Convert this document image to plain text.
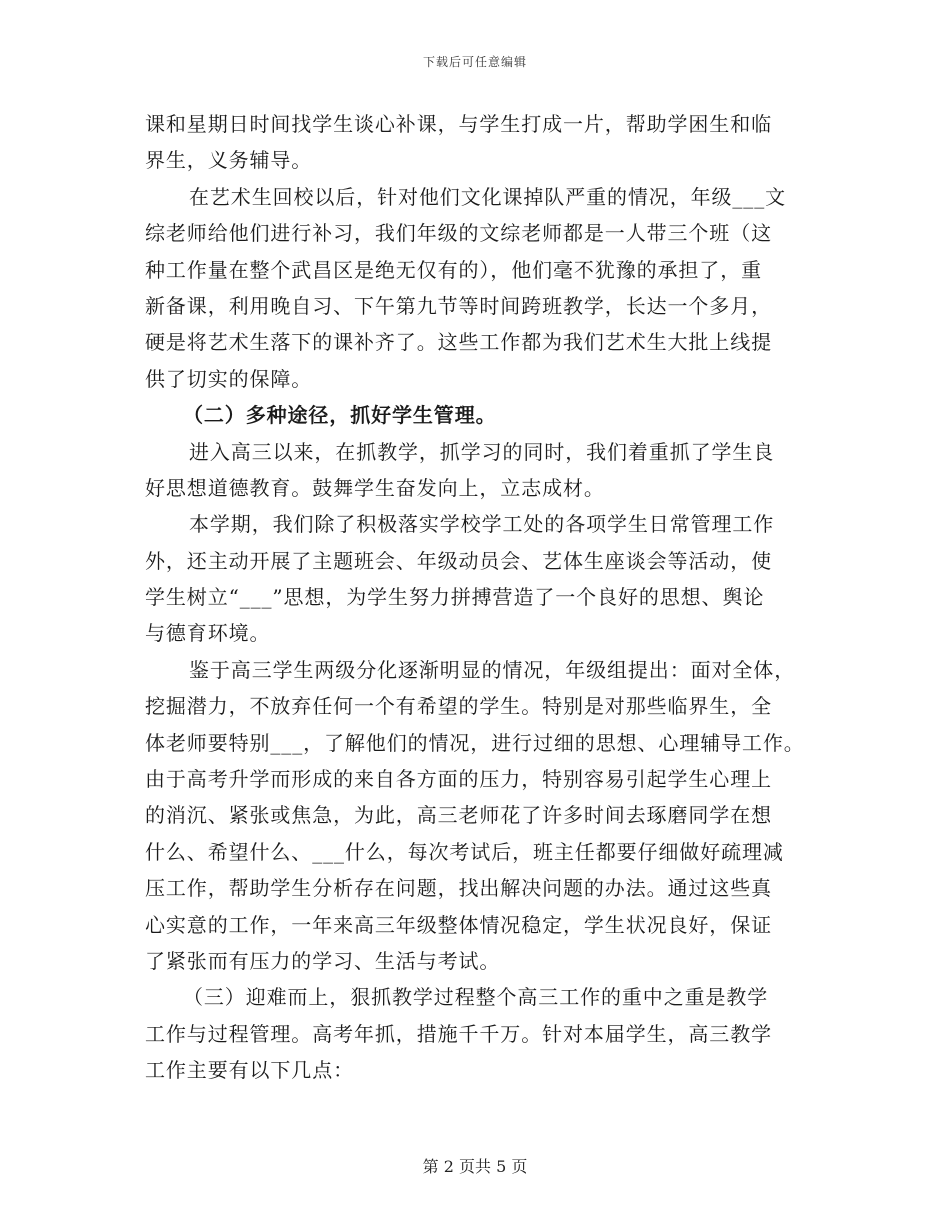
下载后可任意编辑
课和星期日时间找学生谈心补课，与学生打成一片，帮助学困生和临
界生，义务辅导。
在艺术生回校以后，针对他们文化课掉队严重的情况，年级___文
综老师给他们进行补习，我们年级的文综老师都是一人带三个班（这
种工作量在整个武昌区是绝无仅有的），他们毫不犹豫的承担了，重
新备课，利用晚自习、下午第九节等时间跨班教学，长达一个多月，
硬是将艺术生落下的课补齐了。这些工作都为我们艺术生大批上线提
供了切实的保障。
（二）多种途径，抓好学生管理。
进入高三以来，在抓教学，抓学习的同时，我们着重抓了学生良
好思想道德教育。鼓舞学生奋发向上，立志成材。
本学期，我们除了积极落实学校学工处的各项学生日常管理工作
外，还主动开展了主题班会、年级动员会、艺体生座谈会等活动，使
学生树立“___”思想，为学生努力拼搏营造了一个良好的思想、舆论
与德育环境。
鉴于高三学生两级分化逐渐明显的情况，年级组提出：面对全体，
挖掘潜力，不放弃任何一个有希望的学生。特别是对那些临界生，全
体老师要特别___，了解他们的情况，进行过细的思想、心理辅导工作。
由于高考升学而形成的来自各方面的压力，特别容易引起学生心理上
的消沉、紧张或焦急，为此，高三老师花了许多时间去琢磨同学在想
什么、希望什么、___什么，每次考试后，班主任都要仔细做好疏理减
压工作，帮助学生分析存在问题，找出解决问题的办法。通过这些真
心实意的工作，一年来高三年级整体情况稳定，学生状况良好，保证
了紧张而有压力的学习、生活与考试。
（三）迎难而上，狠抓教学过程整个高三工作的重中之重是教学
工作与过程管理。高考年抓，措施千千万。针对本届学生，高三教学
工作主要有以下几点：
第 2 页共 5 页
